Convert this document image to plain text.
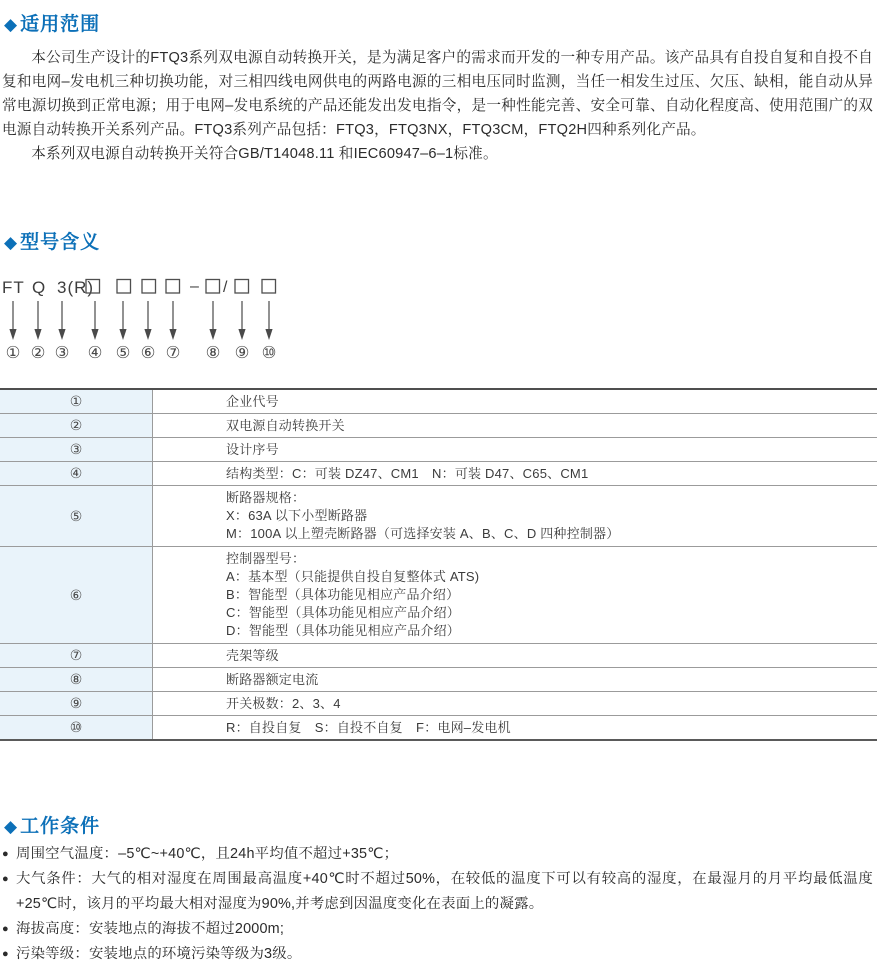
◆ 适用范围

本公司生产设计的FTQ3系列双电源自动转换开关，是为满足客户的需求而开发的一种专用产品。该产品具有自投自复和自投不自复和电网–发电机三种切换功能，对三相四线电网供电的两路电源的三相电压同时监测，当任一相发生过压、欠压、缺相，能自动从异常电源切换到正常电源；用于电网–发电系统的产品还能发出发电指令，是一种性能完善、安全可靠、自动化程度高、使用范围广的双电源自动转换开关系列产品。FTQ3系列产品包括：FTQ3，FTQ3NX，FTQ3CM，FTQ2H四种系列化产品。

本系列双电源自动转换开关符合GB/T14048.11 和IEC60947–6–1标准。

◆ 型号含义
FT Q 3(R)	– /
① ② ③ ④ ⑤ ⑥ ⑦ ⑧ ⑨ ⑩
①	企业代号

②	双电源自动转换开关

③	设计序号

④	结构类型：C：可装 DZ47、CM1　N：可装 D47、C65、CM1

⑤	断路器规格：
X：63A 以下小型断路器
M：100A 以上塑壳断路器（可选择安装 A、B、C、D 四种控制器）

⑥	控制器型号：
A：基本型（只能提供自投自复整体式 ATS)
B：智能型（具体功能见相应产品介绍）
C：智能型（具体功能见相应产品介绍）
D：智能型（具体功能见相应产品介绍）

⑦	壳架等级

⑧	断路器额定电流

⑨	开关极数：2、3、4

⑩	R：自投自复　S：自投不自复　F：电网–发电机
◆ 工作条件
● 周围空气温度：–5℃~+40℃，且24h平均值不超过+35℃；
● 大气条件：大气的相对湿度在周围最高温度+40℃时不超过50%，在较低的温度下可以有较高的湿度，在最湿月的月平均最低温度+25℃时，该月的平均最大相对湿度为90%,并考虑到因温度变化在表面上的凝露。
● 海拔高度：安装地点的海拔不超过2000m;
● 污染等级：安装地点的环境污染等级为3级。
